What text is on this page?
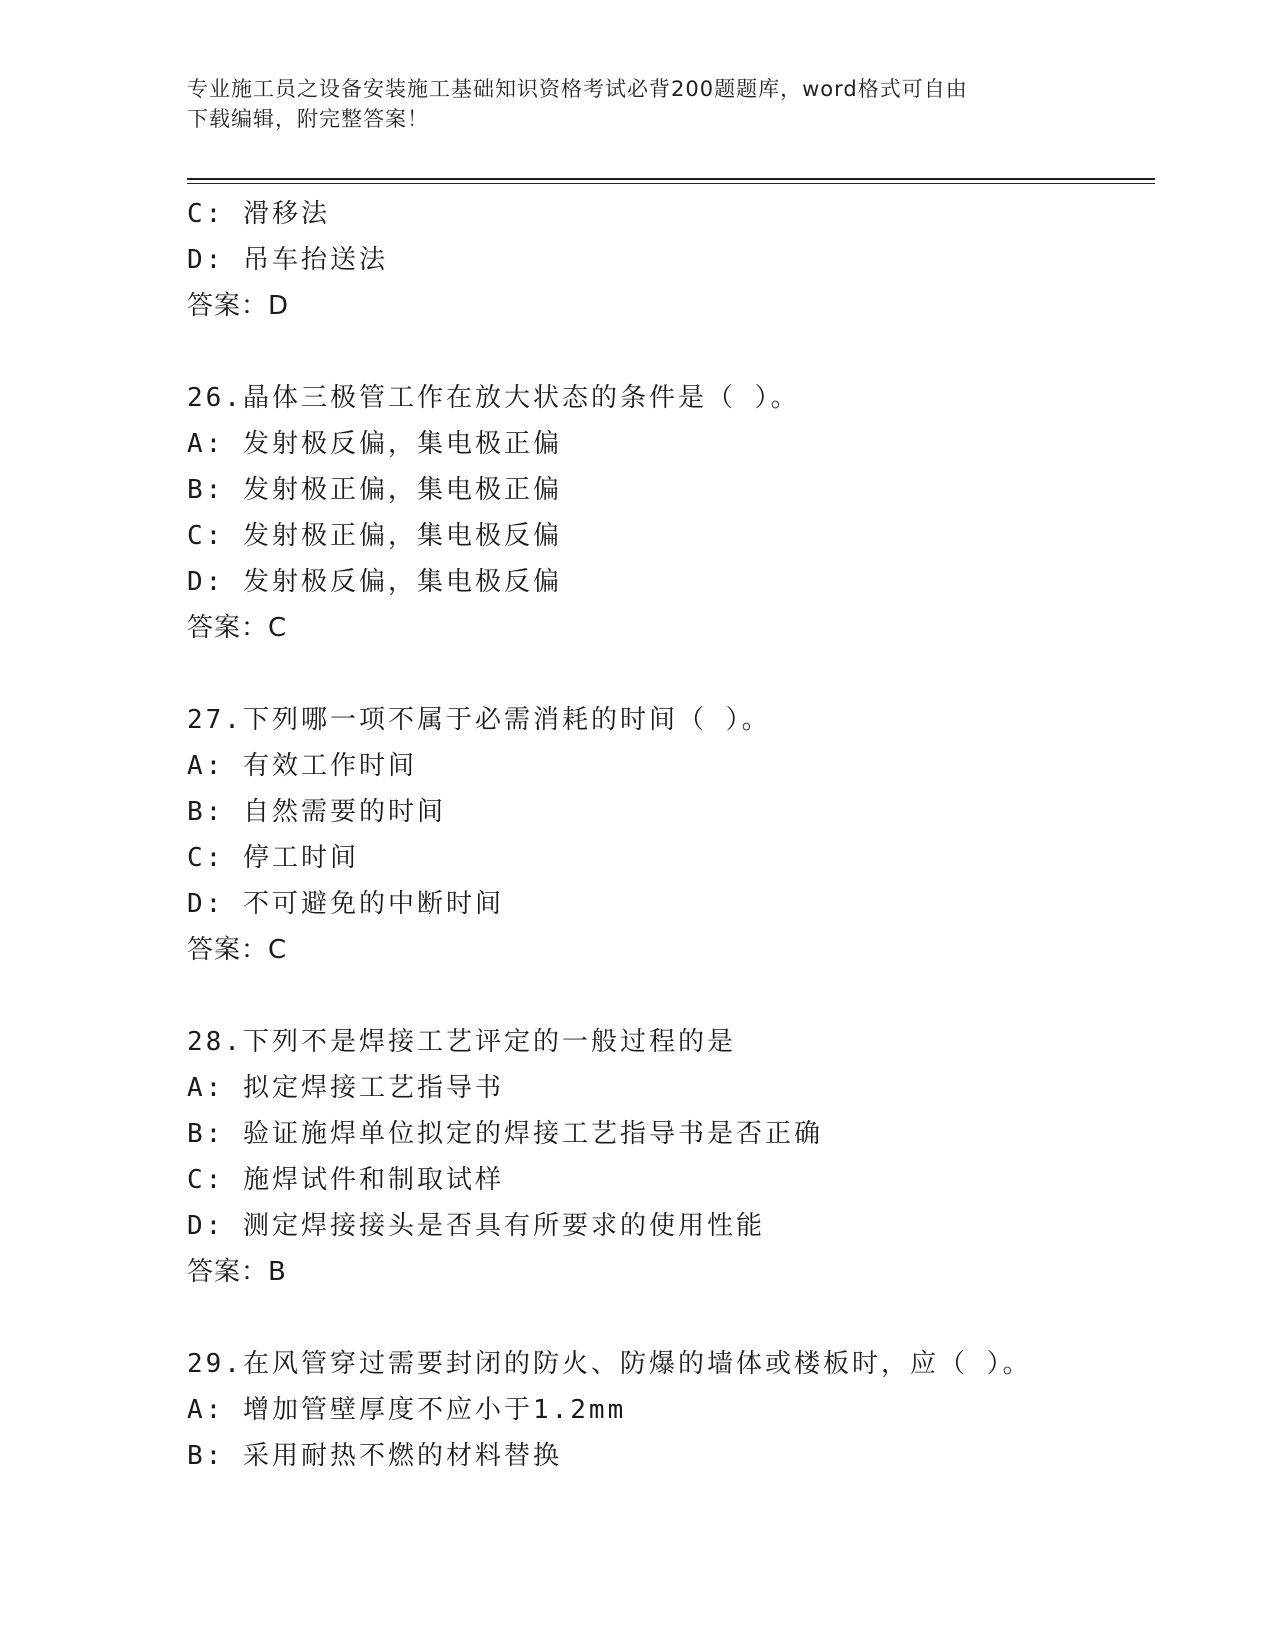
专业施工员之设备安装施工基础知识资格考试必背200题题库，word格式可自由
下载编辑，附完整答案！
C: 滑移法
D: 吊车抬送法
答案：D
26.晶体三极管工作在放大状态的条件是（ ）。
A: 发射极反偏，集电极正偏
B: 发射极正偏，集电极正偏
C: 发射极正偏，集电极反偏
D: 发射极反偏，集电极反偏
答案：C
27.下列哪一项不属于必需消耗的时间（ ）。
A: 有效工作时间
B: 自然需要的时间
C: 停工时间
D: 不可避免的中断时间
答案：C
28.下列不是焊接工艺评定的一般过程的是
A: 拟定焊接工艺指导书
B: 验证施焊单位拟定的焊接工艺指导书是否正确
C: 施焊试件和制取试样
D: 测定焊接接头是否具有所要求的使用性能
答案：B
29.在风管穿过需要封闭的防火、防爆的墙体或楼板时，应（ ）。
A: 增加管壁厚度不应小于1.2mm
B: 采用耐热不燃的材料替换
